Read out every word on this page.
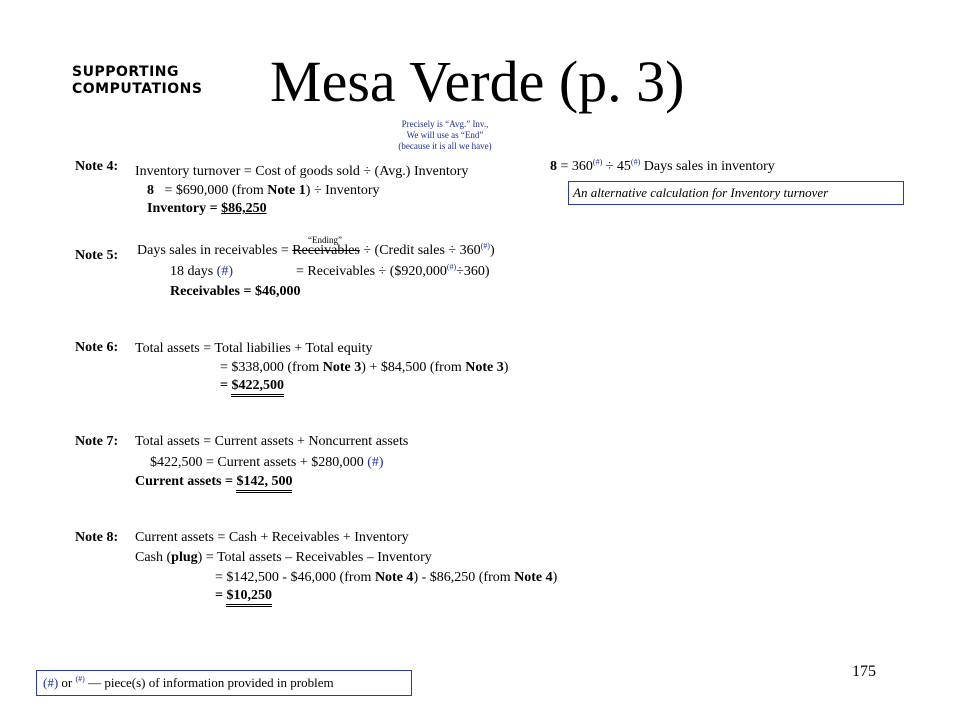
SUPPORTING
COMPUTATIONS Mesa Verde (p. 3)
Precisely is “Avg.” Inv.,
We will use as “End”
(because it is all we have)
Note 4: Inventory turnover = Cost of goods sold ÷ (Avg.) Inventory
8 = $690,000 (from Note 1) ÷ Inventory
Inventory = $86,250
8 = 360(#) ÷ 45(#) Days sales in inventory
An alternative calculation for Inventory turnover
“Ending”
Note 5: Days sales in receivables = Receivables ÷ (Credit sales ÷ 360(#))
18 days (#)	= Receivables ÷ ($920,000(#)÷360)
Receivables = $46,000
Note 6: Total assets = Total liabilies + Total equity
= $338,000 (from Note 3) + $84,500 (from Note 3)
= $422,500
Note 7: Total assets = Current assets + Noncurrent assets
$422,500 = Current assets + $280,000 (#)
Current assets = $142, 500
Note 8: Current assets = Cash + Receivables + Inventory
Cash (plug) = Total assets – Receivables – Inventory
= $142,500 - $46,000 (from Note 4) - $86,250 (from Note 4)
= $10,250
(#) or (#) — piece(s) of information provided in problem
175
